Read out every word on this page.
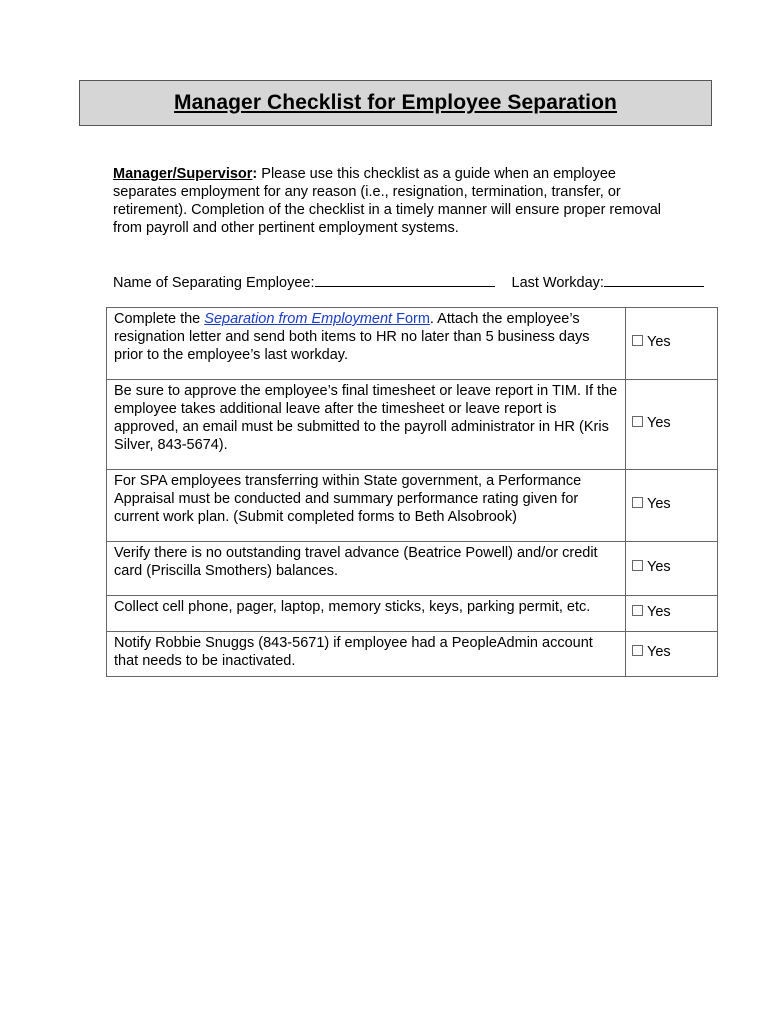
Manager Checklist for Employee Separation

Manager/Supervisor: Please use this checklist as a guide when an employee separates employment for any reason (i.e., resignation, termination, transfer, or retirement). Completion of the checklist in a timely manner will ensure proper removal from payroll and other pertinent employment systems.

Name of Separating Employee:	Last Workday:
Complete the Separation from Employment Form. Attach the employee’s resignation letter and send both items to HR no later than 5 business days prior to the employee’s last workday.	Yes
Be sure to approve the employee’s final timesheet or leave report in TIM. If the employee takes additional leave after the timesheet or leave report is approved, an email must be submitted to the payroll administrator in HR (Kris Silver, 843-5674).	Yes
For SPA employees transferring within State government, a Performance Appraisal must be conducted and summary performance rating given for current work plan. (Submit completed forms to Beth Alsobrook)	Yes
Verify there is no outstanding travel advance (Beatrice Powell) and/or credit card (Priscilla Smothers) balances.	Yes
Collect cell phone, pager, laptop, memory sticks, keys, parking permit, etc.	Yes
Notify Robbie Snuggs (843-5671) if employee had a PeopleAdmin account that needs to be inactivated.	Yes
